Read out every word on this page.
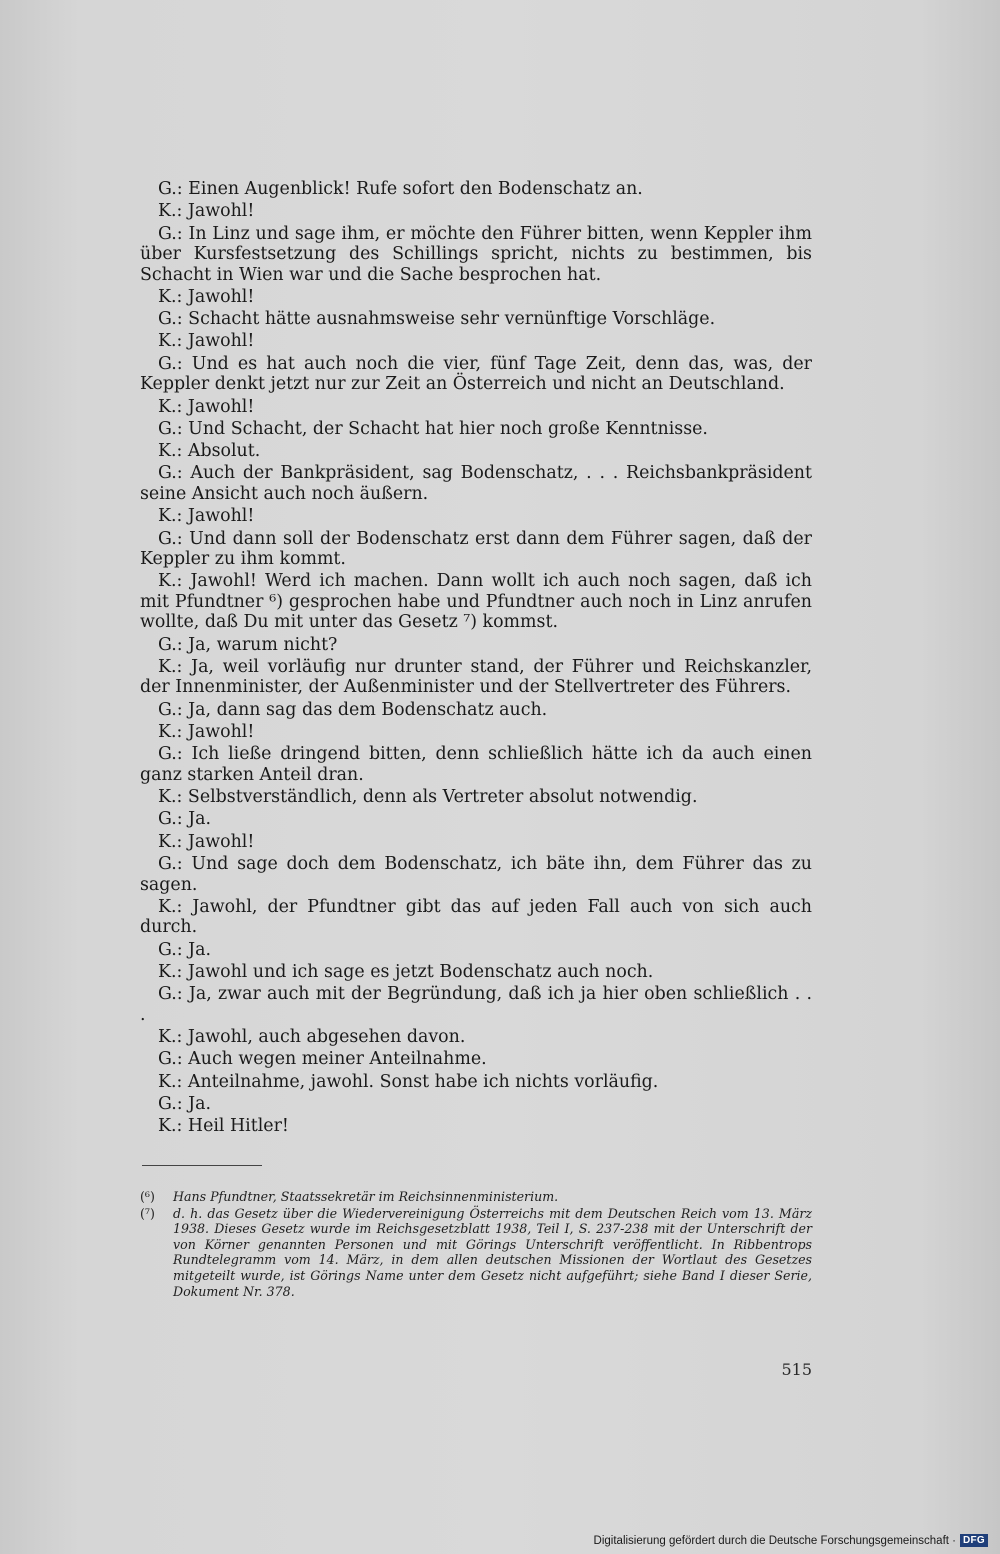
G.: Einen Augenblick! Rufe sofort den Bodenschatz an.

K.: Jawohl!

G.: In Linz und sage ihm, er möchte den Führer bitten, wenn Keppler ihm über Kursfestsetzung des Schillings spricht, nichts zu bestimmen, bis Schacht in Wien war und die Sache besprochen hat.

K.: Jawohl!

G.: Schacht hätte ausnahmsweise sehr vernünftige Vorschläge.

K.: Jawohl!

G.: Und es hat auch noch die vier, fünf Tage Zeit, denn das, was, der Keppler denkt jetzt nur zur Zeit an Österreich und nicht an Deutschland.

K.: Jawohl!

G.: Und Schacht, der Schacht hat hier noch große Kenntnisse.

K.: Absolut.

G.: Auch der Bankpräsident, sag Bodenschatz, . . . Reichsbankpräsident seine Ansicht auch noch äußern.

K.: Jawohl!

G.: Und dann soll der Bodenschatz erst dann dem Führer sagen, daß der Keppler zu ihm kommt.

K.: Jawohl! Werd ich machen. Dann wollt ich auch noch sagen, daß ich mit Pfundtner ⁶) gesprochen habe und Pfundtner auch noch in Linz anrufen wollte, daß Du mit unter das Gesetz ⁷) kommst.

G.: Ja, warum nicht?

K.: Ja, weil vorläufig nur drunter stand, der Führer und Reichskanzler, der Innenminister, der Außenminister und der Stellvertreter des Führers.

G.: Ja, dann sag das dem Bodenschatz auch.

K.: Jawohl!

G.: Ich ließe dringend bitten, denn schließlich hätte ich da auch einen ganz starken Anteil dran.

K.: Selbstverständlich, denn als Vertreter absolut notwendig.

G.: Ja.

K.: Jawohl!

G.: Und sage doch dem Bodenschatz, ich bäte ihn, dem Führer das zu sagen.

K.: Jawohl, der Pfundtner gibt das auf jeden Fall auch von sich auch durch.

G.: Ja.

K.: Jawohl und ich sage es jetzt Bodenschatz auch noch.

G.: Ja, zwar auch mit der Begründung, daß ich ja hier oben schließlich . . .

K.: Jawohl, auch abgesehen davon.

G.: Auch wegen meiner Anteilnahme.

K.: Anteilnahme, jawohl. Sonst habe ich nichts vorläufig.

G.: Ja.

K.: Heil Hitler!

(⁶)	Hans Pfundtner, Staatssekretär im Reichsinnenministerium.
(⁷)	d. h. das Gesetz über die Wiedervereinigung Österreichs mit dem Deutschen Reich vom 13. März 1938. Dieses Gesetz wurde im Reichsgesetzblatt 1938, Teil I, S. 237-238 mit der Unterschrift der von Körner genannten Personen und mit Görings Unterschrift veröffentlicht. In Ribbentrops Rundtelegramm vom 14. März, in dem allen deutschen Missionen der Wortlaut des Gesetzes mitgeteilt wurde, ist Görings Name unter dem Gesetz nicht aufgeführt; siehe Band I dieser Serie, Dokument Nr. 378.
515
Digitalisierung gefördert durch die Deutsche Forschungsgemeinschaft · DFG
